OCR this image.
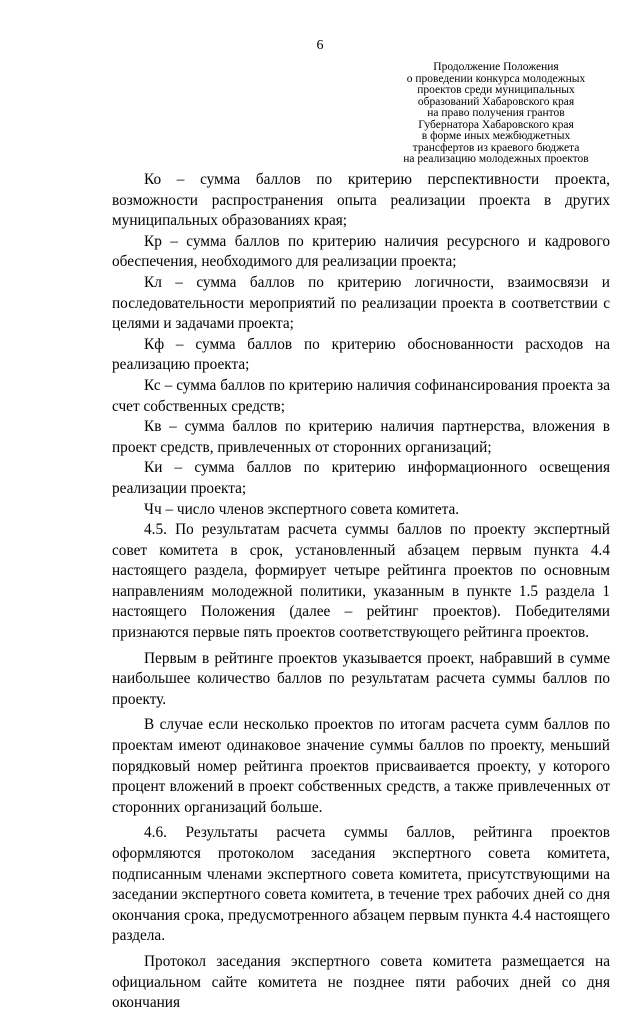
6
Продолжение Положения
о проведении конкурса молодежных
проектов среди муниципальных
образований Хабаровского края
на право получения грантов
Губернатора Хабаровского края
в форме иных межбюджетных
трансфертов из краевого бюджета
на реализацию молодежных проектов

Ко – сумма баллов по критерию перспективности проекта, возможности распространения опыта реализации проекта в других муниципальных образованиях края;

Кр – сумма баллов по критерию наличия ресурсного и кадрового обеспечения, необходимого для реализации проекта;

Кл – сумма баллов по критерию логичности, взаимосвязи и последовательности мероприятий по реализации проекта в соответствии с целями и задачами проекта;

Кф – сумма баллов по критерию обоснованности расходов на реализацию проекта;

Кс – сумма баллов по критерию наличия софинансирования проекта за счет собственных средств;

Кв – сумма баллов по критерию наличия партнерства, вложения в проект средств, привлеченных от сторонних организаций;

Ки – сумма баллов по критерию информационного освещения реализации проекта;

Чч – число членов экспертного совета комитета.

4.5. По результатам расчета суммы баллов по проекту экспертный совет комитета в срок, установленный абзацем первым пункта 4.4 настоящего раздела, формирует четыре рейтинга проектов по основным направлениям молодежной политики, указанным в пункте 1.5 раздела 1 настоящего Положения (далее – рейтинг проектов). Победителями признаются первые пять проектов соответствующего рейтинга проектов.

Первым в рейтинге проектов указывается проект, набравший в сумме наибольшее количество баллов по результатам расчета суммы баллов по проекту.

В случае если несколько проектов по итогам расчета сумм баллов по проектам имеют одинаковое значение суммы баллов по проекту, меньший порядковый номер рейтинга проектов присваивается проекту, у которого процент вложений в проект собственных средств, а также привлеченных от сторонних организаций больше.

4.6. Результаты расчета суммы баллов, рейтинга проектов оформляются протоколом заседания экспертного совета комитета, подписанным членами экспертного совета комитета, присутствующими на заседании экспертного совета комитета, в течение трех рабочих дней со дня окончания срока, предусмотренного абзацем первым пункта 4.4 настоящего раздела.

Протокол заседания экспертного совета комитета размещается на официальном сайте комитета не позднее пяти рабочих дней со дня окончания
